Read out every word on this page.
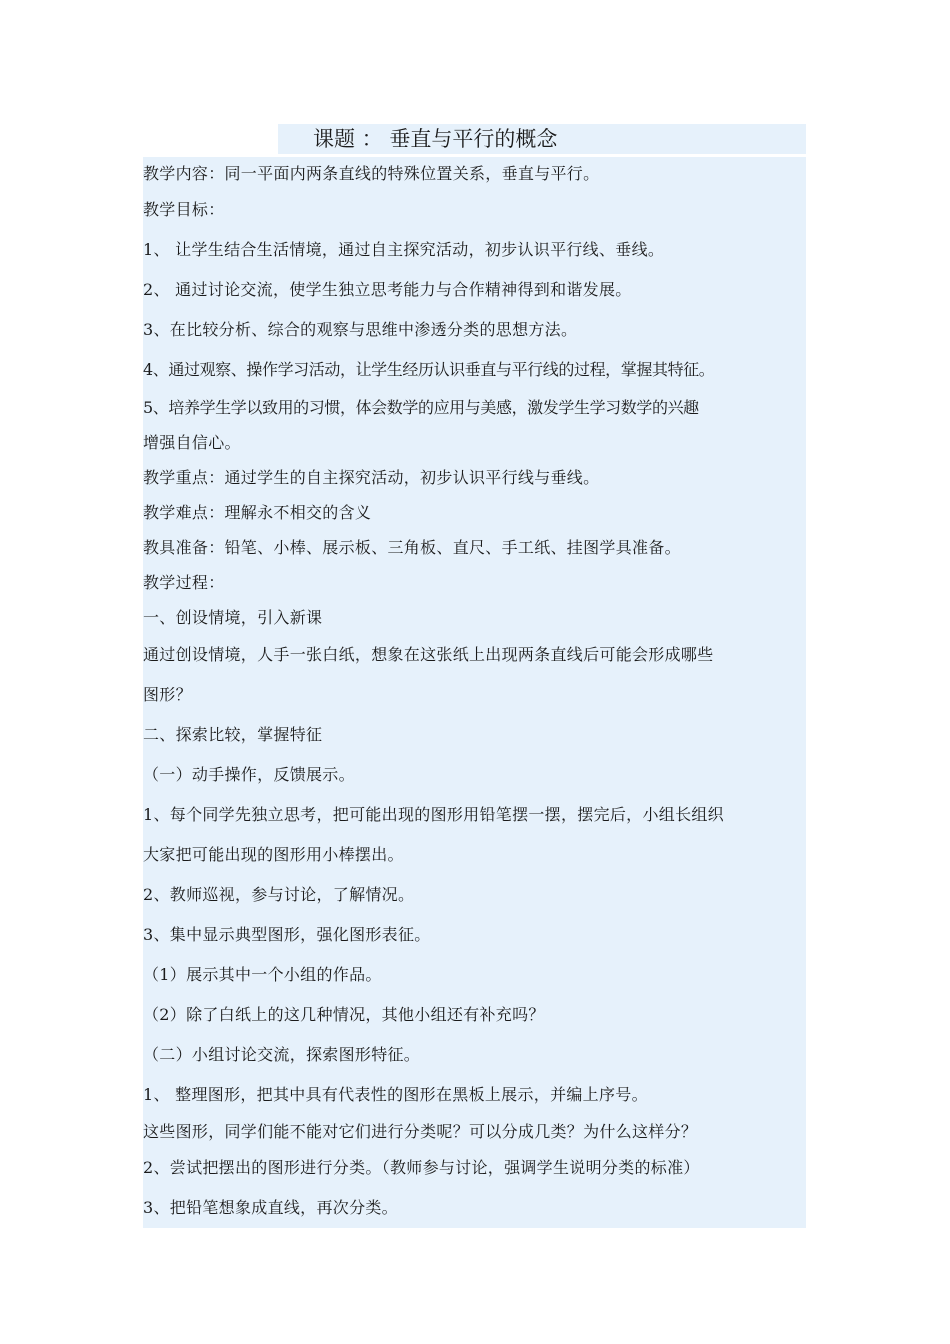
课题 ： 垂直与平行的概念
教学内容：同一平面内两条直线的特殊位置关系，垂直与平行。
教学目标：
1、 让学生结合生活情境，通过自主探究活动，初步认识平行线、垂线。
2、 通过讨论交流，使学生独立思考能力与合作精神得到和谐发展。
3、在比较分析、综合的观察与思维中渗透分类的思想方法。
4、通过观察、操作学习活动，让学生经历认识垂直与平行线的过程，掌握其特征。
5、培养学生学以致用的习惯，体会数学的应用与美感，激发学生学习数学的兴趣
增强自信心。
教学重点：通过学生的自主探究活动，初步认识平行线与垂线。
教学难点：理解永不相交的含义
教具准备：铅笔、小棒、展示板、三角板、直尺、手工纸、挂图学具准备。
教学过程：
一、创设情境，引入新课
通过创设情境，人手一张白纸，想象在这张纸上出现两条直线后可能会形成哪些
图形？
二、探索比较，掌握特征
（一）动手操作，反馈展示。
1、每个同学先独立思考，把可能出现的图形用铅笔摆一摆，摆完后，小组长组织
大家把可能出现的图形用小棒摆出。
2、教师巡视，参与讨论，了解情况。
3、集中显示典型图形，强化图形表征。
（1）展示其中一个小组的作品。
（2）除了白纸上的这几种情况，其他小组还有补充吗？
（二）小组讨论交流，探索图形特征。
1、 整理图形，把其中具有代表性的图形在黑板上展示，并编上序号。
这些图形，同学们能不能对它们进行分类呢？可以分成几类？为什么这样分？
2、尝试把摆出的图形进行分类。（教师参与讨论，强调学生说明分类的标准）
3、把铅笔想象成直线，再次分类。
